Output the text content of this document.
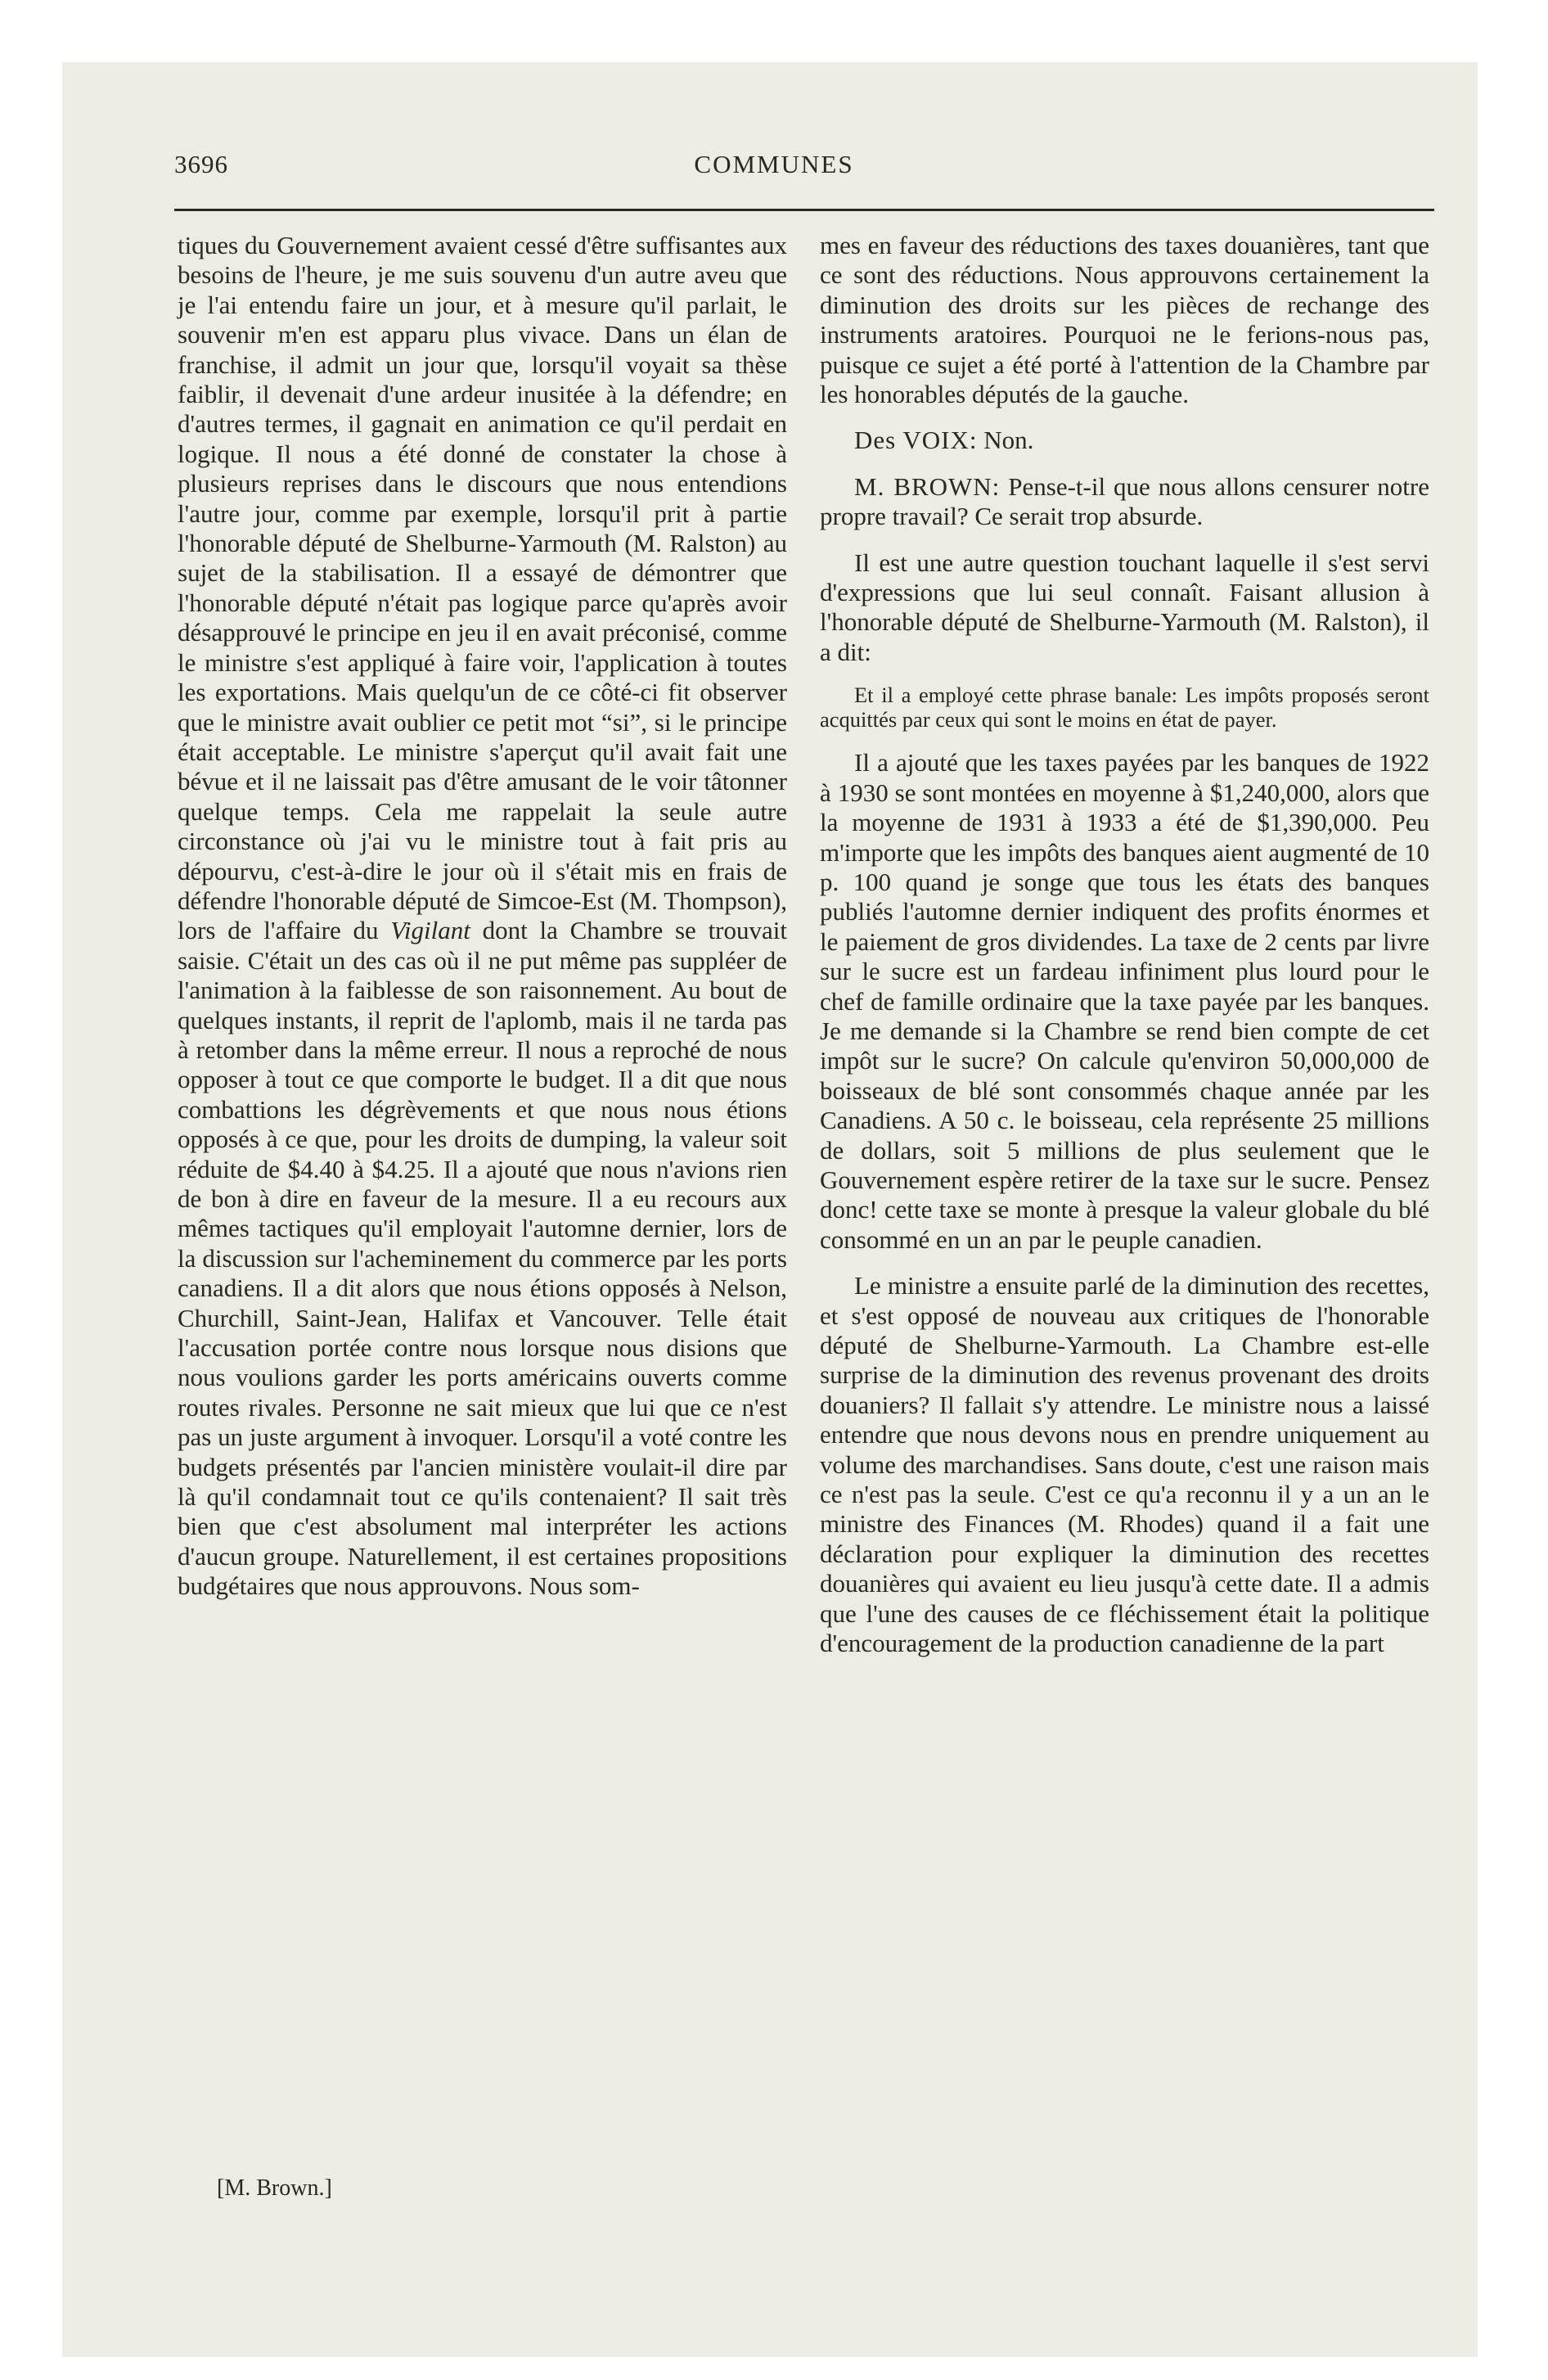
3696	COMMUNES

tiques du Gouvernement avaient cessé d'être suffisantes aux besoins de l'heure, je me suis souvenu d'un autre aveu que je l'ai entendu faire un jour, et à mesure qu'il parlait, le souvenir m'en est apparu plus vivace. Dans un élan de franchise, il admit un jour que, lorsqu'il voyait sa thèse faiblir, il devenait d'une ardeur inusitée à la défendre; en d'autres termes, il gagnait en animation ce qu'il perdait en logique. Il nous a été donné de constater la chose à plusieurs reprises dans le discours que nous entendions l'autre jour, comme par exemple, lorsqu'il prit à partie l'honorable député de Shelburne-Yarmouth (M. Ralston) au sujet de la stabilisation. Il a essayé de démontrer que l'honorable député n'était pas logique parce qu'après avoir désapprouvé le principe en jeu il en avait préconisé, comme le ministre s'est appliqué à faire voir, l'application à toutes les exportations. Mais quelqu'un de ce côté-ci fit observer que le ministre avait oublier ce petit mot “si”, si le principe était acceptable. Le ministre s'aperçut qu'il avait fait une bévue et il ne laissait pas d'être amusant de le voir tâtonner quelque temps. Cela me rappelait la seule autre circonstance où j'ai vu le ministre tout à fait pris au dépourvu, c'est-à-dire le jour où il s'était mis en frais de défendre l'honorable député de Simcoe-Est (M. Thompson), lors de l'affaire du Vigilant dont la Chambre se trouvait saisie. C'était un des cas où il ne put même pas suppléer de l'animation à la faiblesse de son raisonnement. Au bout de quelques instants, il reprit de l'aplomb, mais il ne tarda pas à retomber dans la même erreur. Il nous a reproché de nous opposer à tout ce que comporte le budget. Il a dit que nous combattions les dégrèvements et que nous nous étions opposés à ce que, pour les droits de dumping, la valeur soit réduite de $4.40 à $4.25. Il a ajouté que nous n'avions rien de bon à dire en faveur de la mesure. Il a eu recours aux mêmes tactiques qu'il employait l'automne dernier, lors de la discussion sur l'acheminement du commerce par les ports canadiens. Il a dit alors que nous étions opposés à Nelson, Churchill, Saint-Jean, Halifax et Vancouver. Telle était l'accusation portée contre nous lorsque nous disions que nous voulions garder les ports américains ouverts comme routes rivales. Personne ne sait mieux que lui que ce n'est pas un juste argument à invoquer. Lorsqu'il a voté contre les budgets présentés par l'ancien ministère voulait-il dire par là qu'il condamnait tout ce qu'ils contenaient? Il sait très bien que c'est absolument mal interpréter les actions d'aucun groupe. Naturellement, il est certaines propositions budgétaires que nous approuvons. Nous som-

mes en faveur des réductions des taxes douanières, tant que ce sont des réductions. Nous approuvons certainement la diminution des droits sur les pièces de rechange des instruments aratoires. Pourquoi ne le ferions-nous pas, puisque ce sujet a été porté à l'attention de la Chambre par les honorables députés de la gauche.

Des VOIX: Non.

M. BROWN: Pense-t-il que nous allons censurer notre propre travail? Ce serait trop absurde.

Il est une autre question touchant laquelle il s'est servi d'expressions que lui seul connaît. Faisant allusion à l'honorable député de Shelburne-Yarmouth (M. Ralston), il a dit:

Et il a employé cette phrase banale: Les impôts proposés seront acquittés par ceux qui sont le moins en état de payer.

Il a ajouté que les taxes payées par les banques de 1922 à 1930 se sont montées en moyenne à $1,240,000, alors que la moyenne de 1931 à 1933 a été de $1,390,000. Peu m'importe que les impôts des banques aient augmenté de 10 p. 100 quand je songe que tous les états des banques publiés l'automne dernier indiquent des profits énormes et le paiement de gros dividendes. La taxe de 2 cents par livre sur le sucre est un fardeau infiniment plus lourd pour le chef de famille ordinaire que la taxe payée par les banques. Je me demande si la Chambre se rend bien compte de cet impôt sur le sucre? On calcule qu'environ 50,000,000 de boisseaux de blé sont consommés chaque année par les Canadiens. A 50 c. le boisseau, cela représente 25 millions de dollars, soit 5 millions de plus seulement que le Gouvernement espère retirer de la taxe sur le sucre. Pensez donc! cette taxe se monte à presque la valeur globale du blé consommé en un an par le peuple canadien.

Le ministre a ensuite parlé de la diminution des recettes, et s'est opposé de nouveau aux critiques de l'honorable député de Shelburne-Yarmouth. La Chambre est-elle surprise de la diminution des revenus provenant des droits douaniers? Il fallait s'y attendre. Le ministre nous a laissé entendre que nous devons nous en prendre uniquement au volume des marchandises. Sans doute, c'est une raison mais ce n'est pas la seule. C'est ce qu'a reconnu il y a un an le ministre des Finances (M. Rhodes) quand il a fait une déclaration pour expliquer la diminution des recettes douanières qui avaient eu lieu jusqu'à cette date. Il a admis que l'une des causes de ce fléchissement était la politique d'encouragement de la production canadienne de la part

[M. Brown.]
